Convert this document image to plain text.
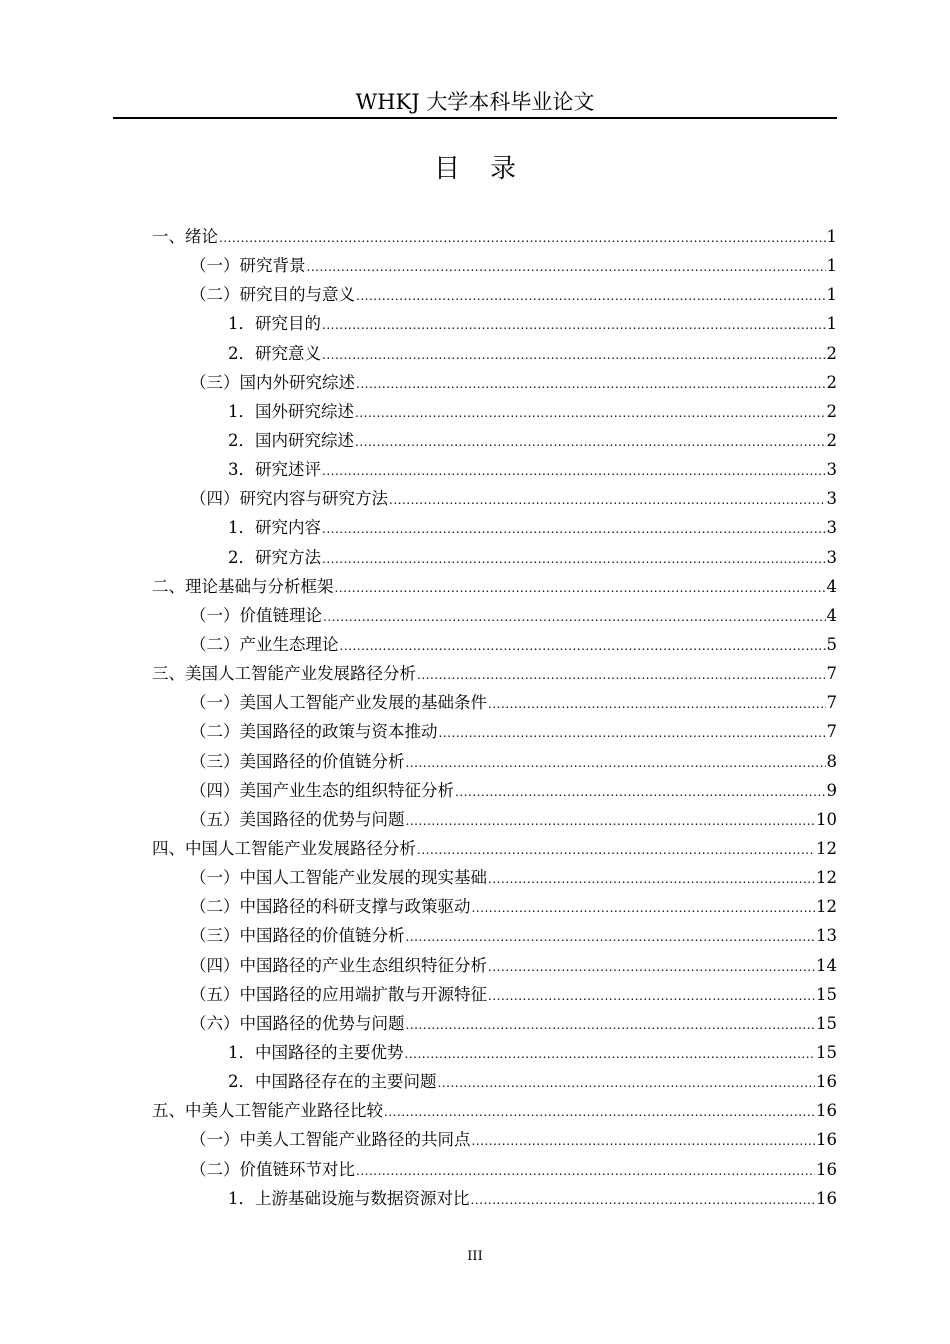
WHKJ 大学本科毕业论文
目录
一、绪论 .....	1
（一）研究背景 .....	1
（二）研究目的与意义 .....	1
1．研究目的 .....	1
2．研究意义 .....	2
（三）国内外研究综述 .....	2
1．国外研究综述 .....	2
2．国内研究综述 .....	2
3．研究述评 .....	3
（四）研究内容与研究方法 .....	3
1．研究内容 .....	3
2．研究方法 .....	3
二、理论基础与分析框架 .....	4
（一）价值链理论 .....	4
（二）产业生态理论 .....	5
三、美国人工智能产业发展路径分析 .....	7
（一）美国人工智能产业发展的基础条件 .....	7
（二）美国路径的政策与资本推动 .....	7
（三）美国路径的价值链分析 .....	8
（四）美国产业生态的组织特征分析 .....	9
（五）美国路径的优势与问题 .....	10
四、中国人工智能产业发展路径分析 .....	12
（一）中国人工智能产业发展的现实基础 .....	12
（二）中国路径的科研支撑与政策驱动 .....	12
（三）中国路径的价值链分析 .....	13
（四）中国路径的产业生态组织特征分析 .....	14
（五）中国路径的应用端扩散与开源特征 .....	15
（六）中国路径的优势与问题 .....	15
1．中国路径的主要优势 .....	15
2．中国路径存在的主要问题 .....	16
五、中美人工智能产业路径比较 .....	16
（一）中美人工智能产业路径的共同点 .....	16
（二）价值链环节对比 .....	16
1．上游基础设施与数据资源对比 .....	16
III
